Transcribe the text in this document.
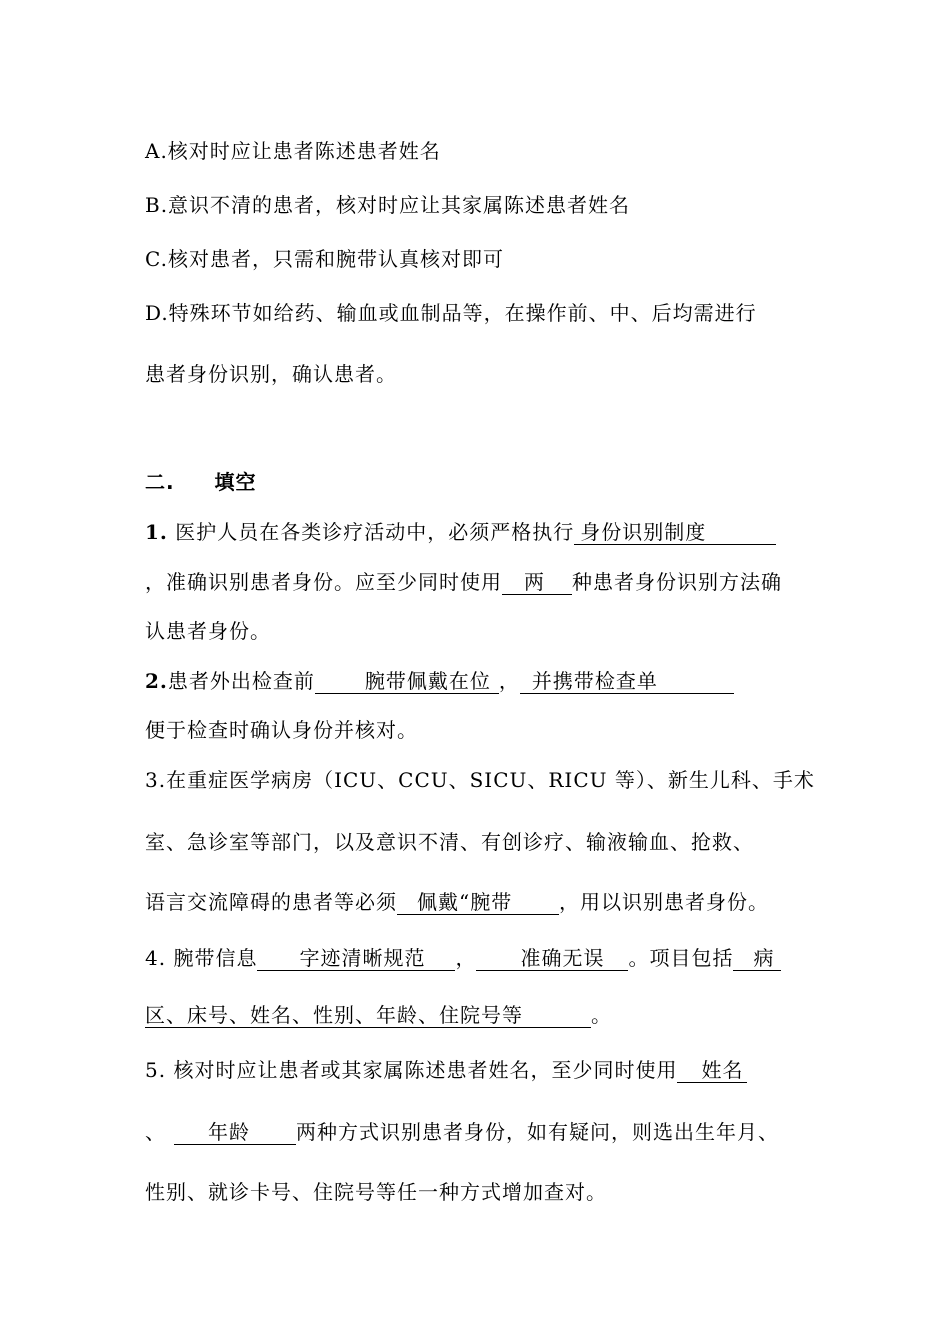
A.核对时应让患者陈述患者姓名
B.意识不清的患者，核对时应让其家属陈述患者姓名
C.核对患者，只需和腕带认真核对即可
D.特殊环节如给药、输血或血制品等，在操作前、中、后均需进行
患者身份识别，确认患者。
二. 填空
1. 医护人员在各类诊疗活动中，必须严格执行 身份识别制度
，准确识别患者身份。应至少同时使用 两 种患者身份识别方法确
认患者身份。
2.患者外出检查前	腕带佩戴在位 ， 并携带检查单
便于检查时确认身份并核对。
3.在重症医学病房（ICU、CCU、SICU、RICU 等）、新生儿科、手术
室、急诊室等部门，以及意识不清、有创诊疗、输液输血、抢救、
语言交流障碍的患者等必须 佩戴“腕带 ，用以识别患者身份。
4. 腕带信息 字迹清晰规范 ， 准确无误 。项目包括 病
区、床号、姓名、性别、年龄、住院号等	。
5. 核对时应让患者或其家属陈述患者姓名，至少同时使用 姓名
、 年龄 两种方式识别患者身份，如有疑问，则选出生年月、
性别、就诊卡号、住院号等任一种方式增加查对。
